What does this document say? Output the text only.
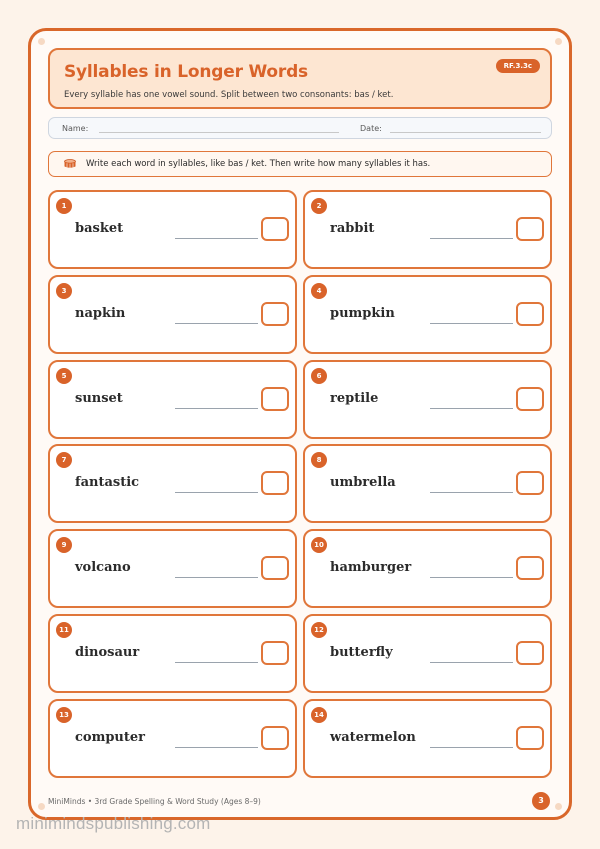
Syllables in Longer Words
Every syllable has one vowel sound. Split between two consonants: bas / ket.
RF.3.3c
Name:	Date:
Write each word in syllables, like bas / ket. Then write how many syllables it has.
1
basket
2
rabbit
3
napkin
4
pumpkin
5
sunset
6
reptile
7
fantastic
8
umbrella
9
volcano
10
hamburger
11
dinosaur
12
butterfly
13
computer
14
watermelon
MiniMinds • 3rd Grade Spelling & Word Study (Ages 8–9)	3
minimindspublishing.com
